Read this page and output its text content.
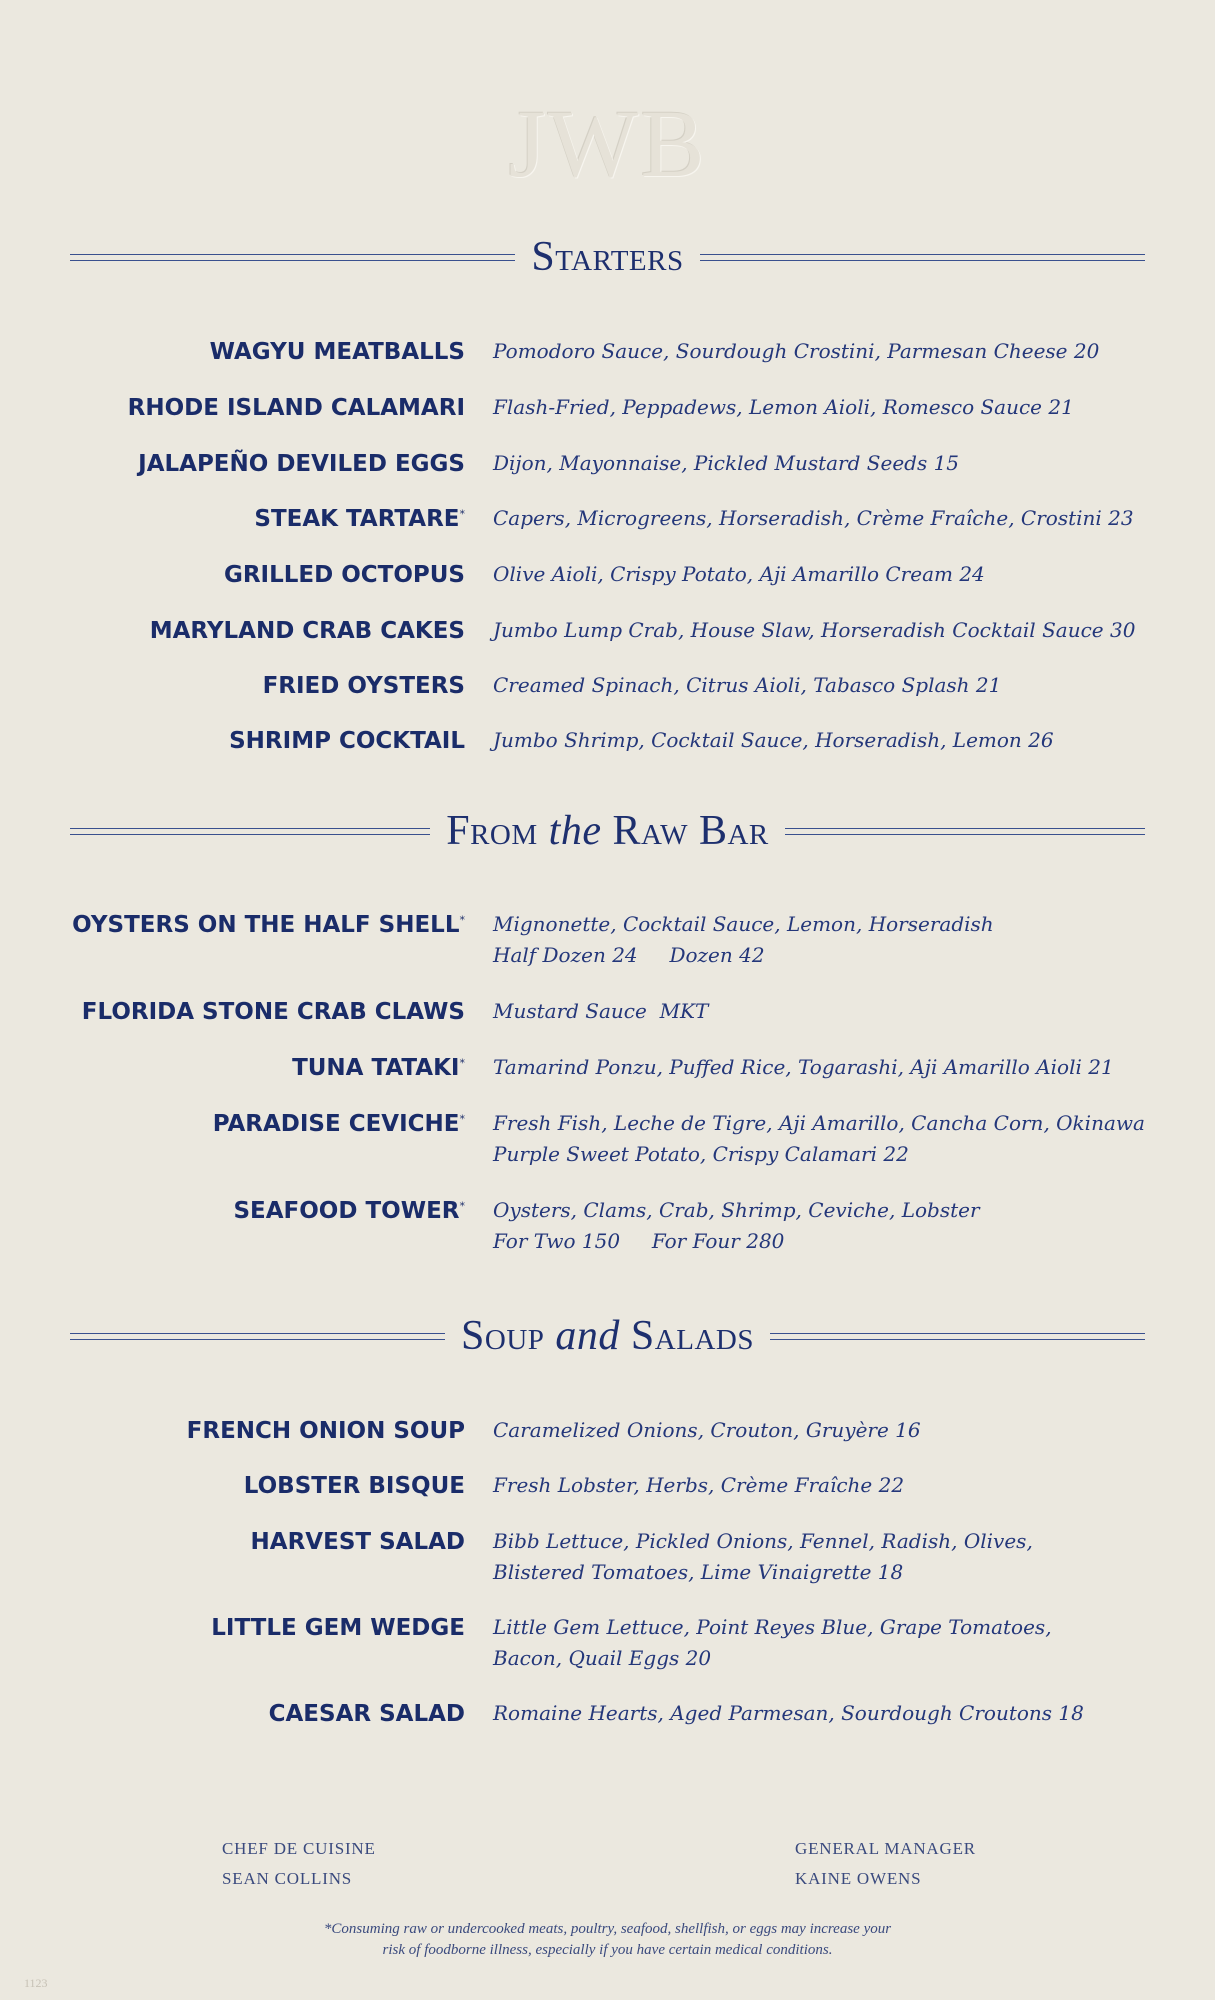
JWB
Starters
WAGYU MEATBALLS Pomodoro Sauce, Sourdough Crostini, Parmesan Cheese 20
RHODE ISLAND CALAMARI Flash-Fried, Peppadews, Lemon Aioli, Romesco Sauce 21
JALAPEÑO DEVILED EGGS Dijon, Mayonnaise, Pickled Mustard Seeds 15
STEAK TARTARE* Capers, Microgreens, Horseradish, Crème Fraîche, Crostini 23
GRILLED OCTOPUS Olive Aioli, Crispy Potato, Aji Amarillo Cream 24
MARYLAND CRAB CAKES Jumbo Lump Crab, House Slaw, Horseradish Cocktail Sauce 30
FRIED OYSTERS Creamed Spinach, Citrus Aioli, Tabasco Splash 21
SHRIMP COCKTAIL Jumbo Shrimp, Cocktail Sauce, Horseradish, Lemon 26
From the Raw Bar
OYSTERS ON THE HALF SHELL* Mignonette, Cocktail Sauce, Lemon, Horseradish
Half Dozen 24     Dozen 42
FLORIDA STONE CRAB CLAWS Mustard Sauce  MKT
TUNA TATAKI* Tamarind Ponzu, Puffed Rice, Togarashi, Aji Amarillo Aioli 21
PARADISE CEVICHE* Fresh Fish, Leche de Tigre, Aji Amarillo, Cancha Corn, Okinawa
Purple Sweet Potato, Crispy Calamari 22
SEAFOOD TOWER* Oysters, Clams, Crab, Shrimp, Ceviche, Lobster
For Two 150     For Four 280
Soup and Salads
FRENCH ONION SOUP Caramelized Onions, Crouton, Gruyère 16
LOBSTER BISQUE Fresh Lobster, Herbs, Crème Fraîche 22
HARVEST SALAD Bibb Lettuce, Pickled Onions, Fennel, Radish, Olives,
Blistered Tomatoes, Lime Vinaigrette 18
LITTLE GEM WEDGE Little Gem Lettuce, Point Reyes Blue, Grape Tomatoes,
Bacon, Quail Eggs 20
CAESAR SALAD Romaine Hearts, Aged Parmesan, Sourdough Croutons 18
CHEF DE CUISINE
SEAN COLLINS
GENERAL MANAGER
KAINE OWENS
*Consuming raw or undercooked meats, poultry, seafood, shellfish, or eggs may increase your
risk of foodborne illness, especially if you have certain medical conditions.
1123
